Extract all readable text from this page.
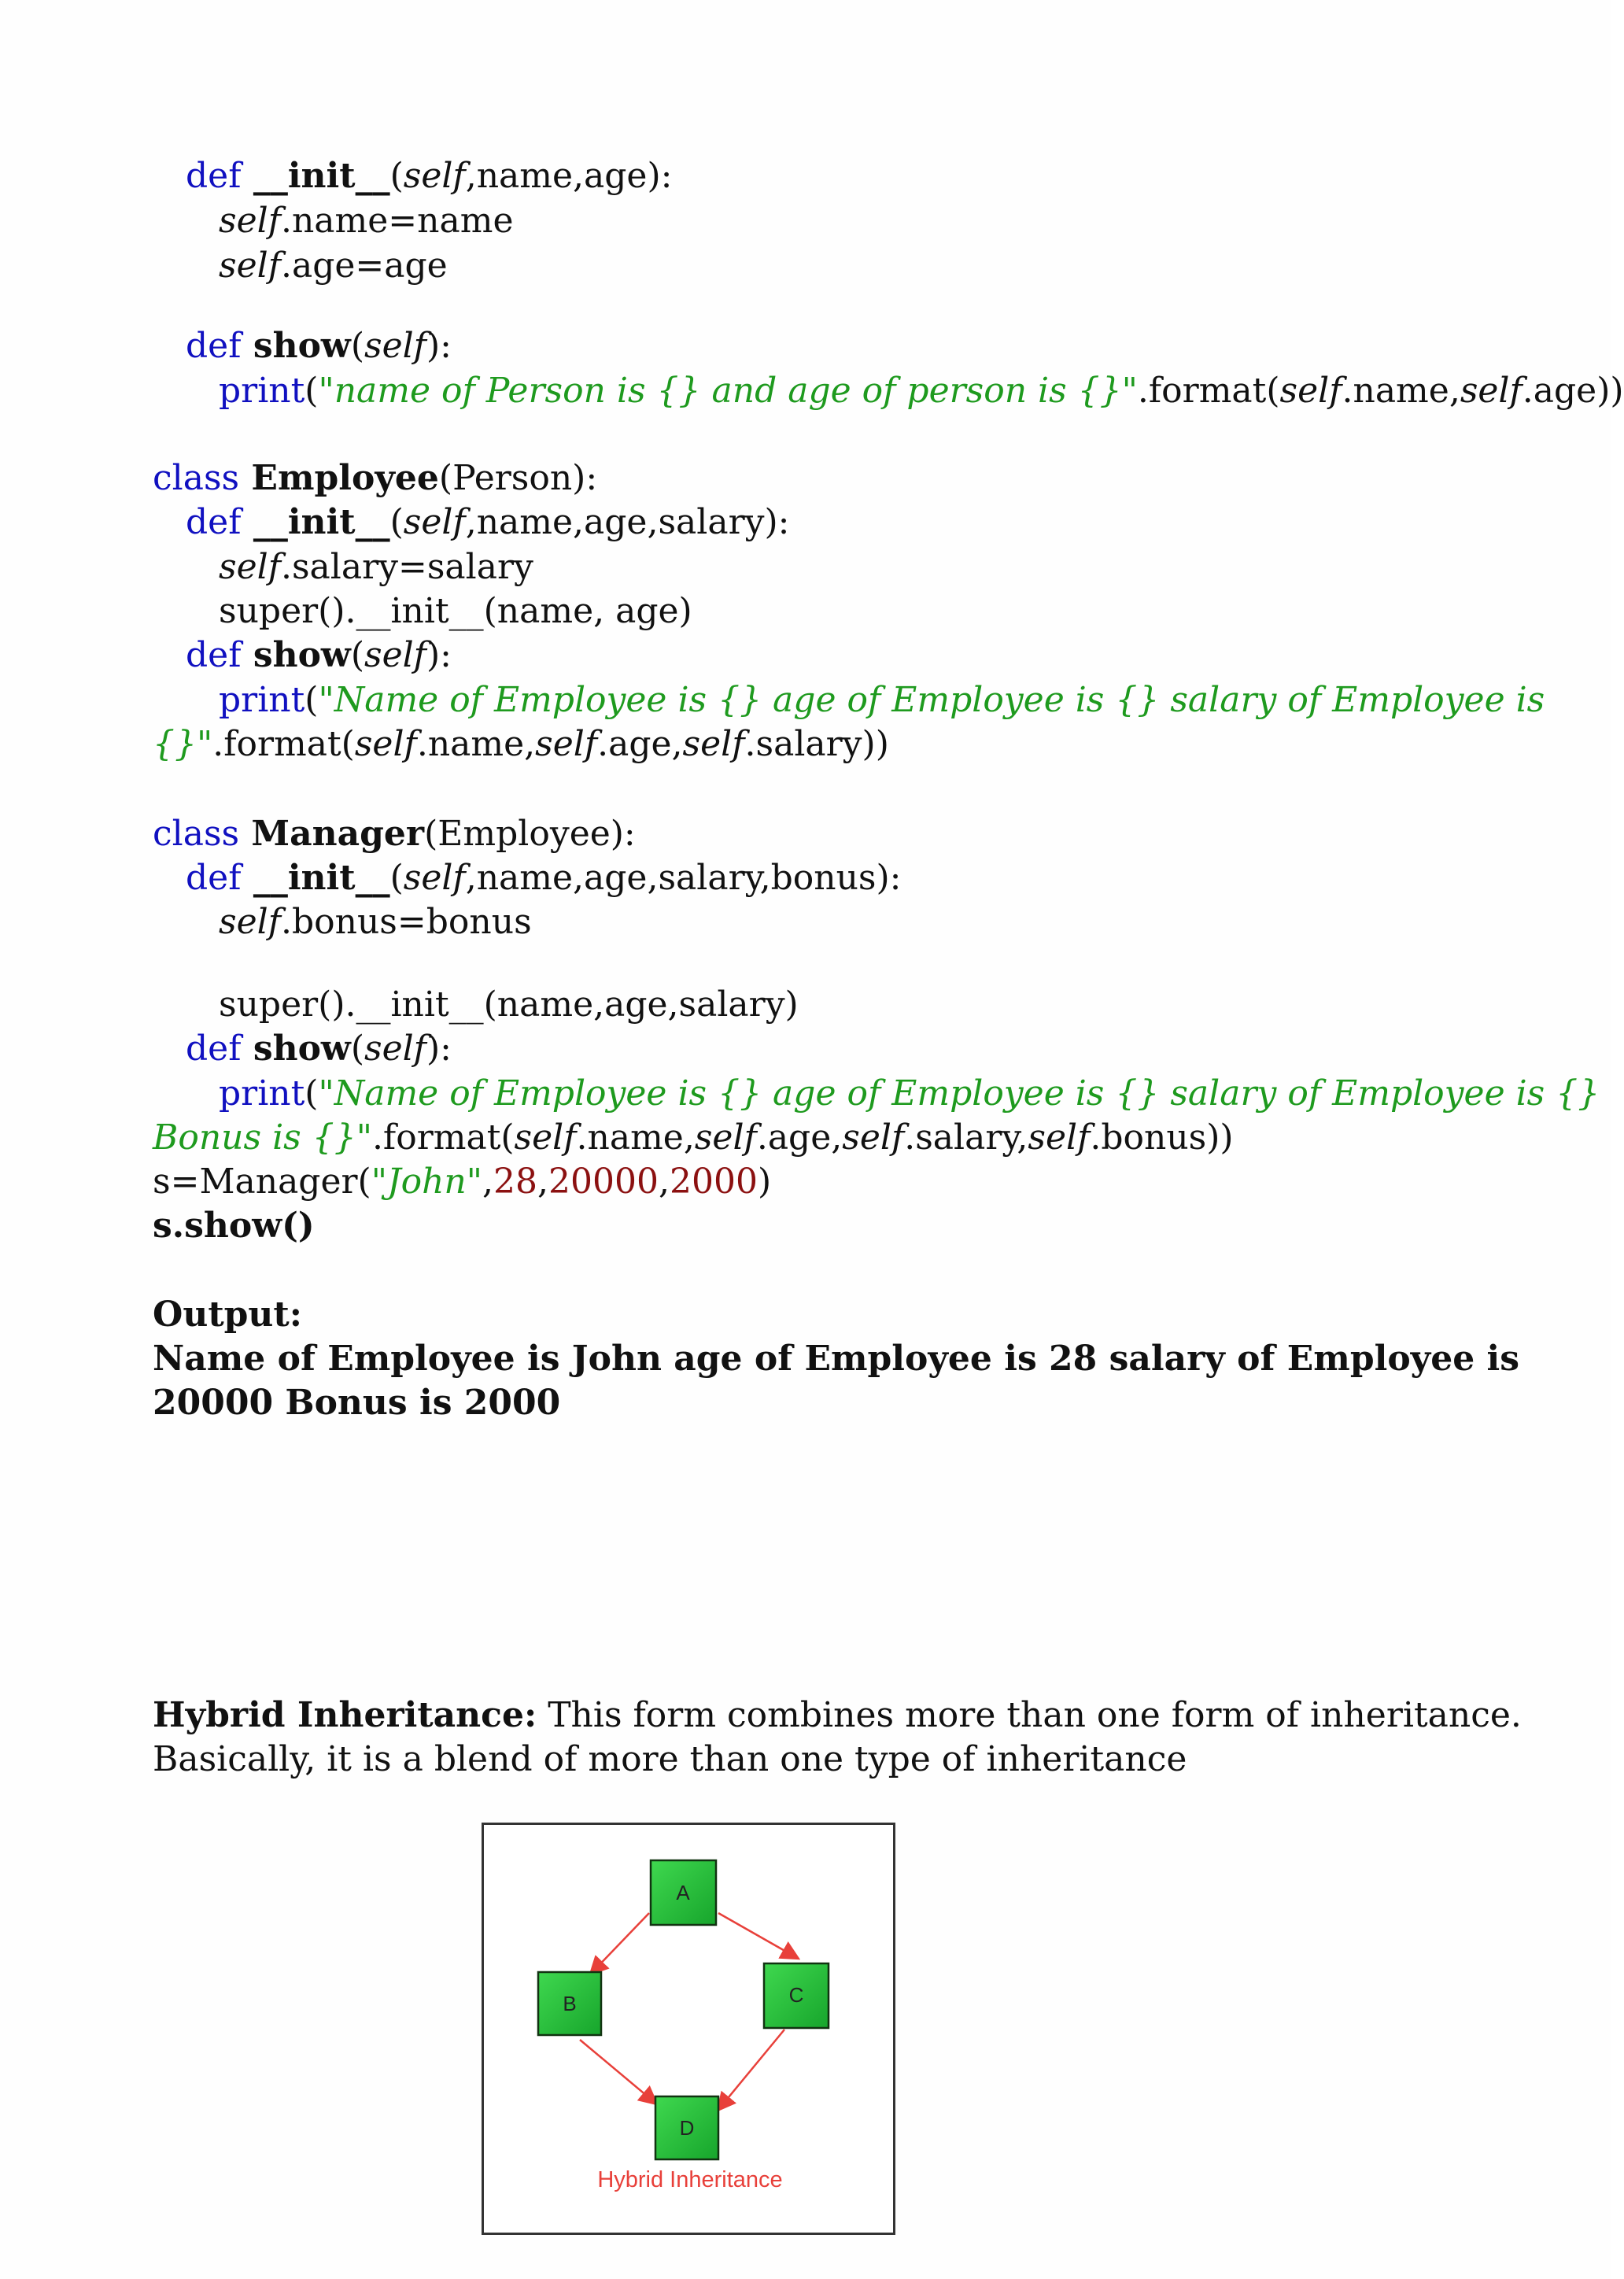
def __init__(self,name,age):
self.name=name
self.age=age
def show(self):
print("name of Person is {} and age of person is {}".format(self.name,self.age))
class Employee(Person):
def __init__(self,name,age,salary):
self.salary=salary
super().__init__(name, age)
def show(self):
print("Name of Employee is {} age of Employee is {} salary of Employee is
{}".format(self.name,self.age,self.salary))
class Manager(Employee):
def __init__(self,name,age,salary,bonus):
self.bonus=bonus
super().__init__(name,age,salary)
def show(self):
print("Name of Employee is {} age of Employee is {} salary of Employee is {}
Bonus is {}".format(self.name,self.age,self.salary,self.bonus))
s=Manager("John",28,20000,2000)
s.show()
Output:
Name of Employee is John age of Employee is 28 salary of Employee is
20000 Bonus is 2000
Hybrid Inheritance: This form combines more than one form of inheritance.
Basically, it is a blend of more than one type of inheritance
A
B	C
D
Hybrid Inheritance
